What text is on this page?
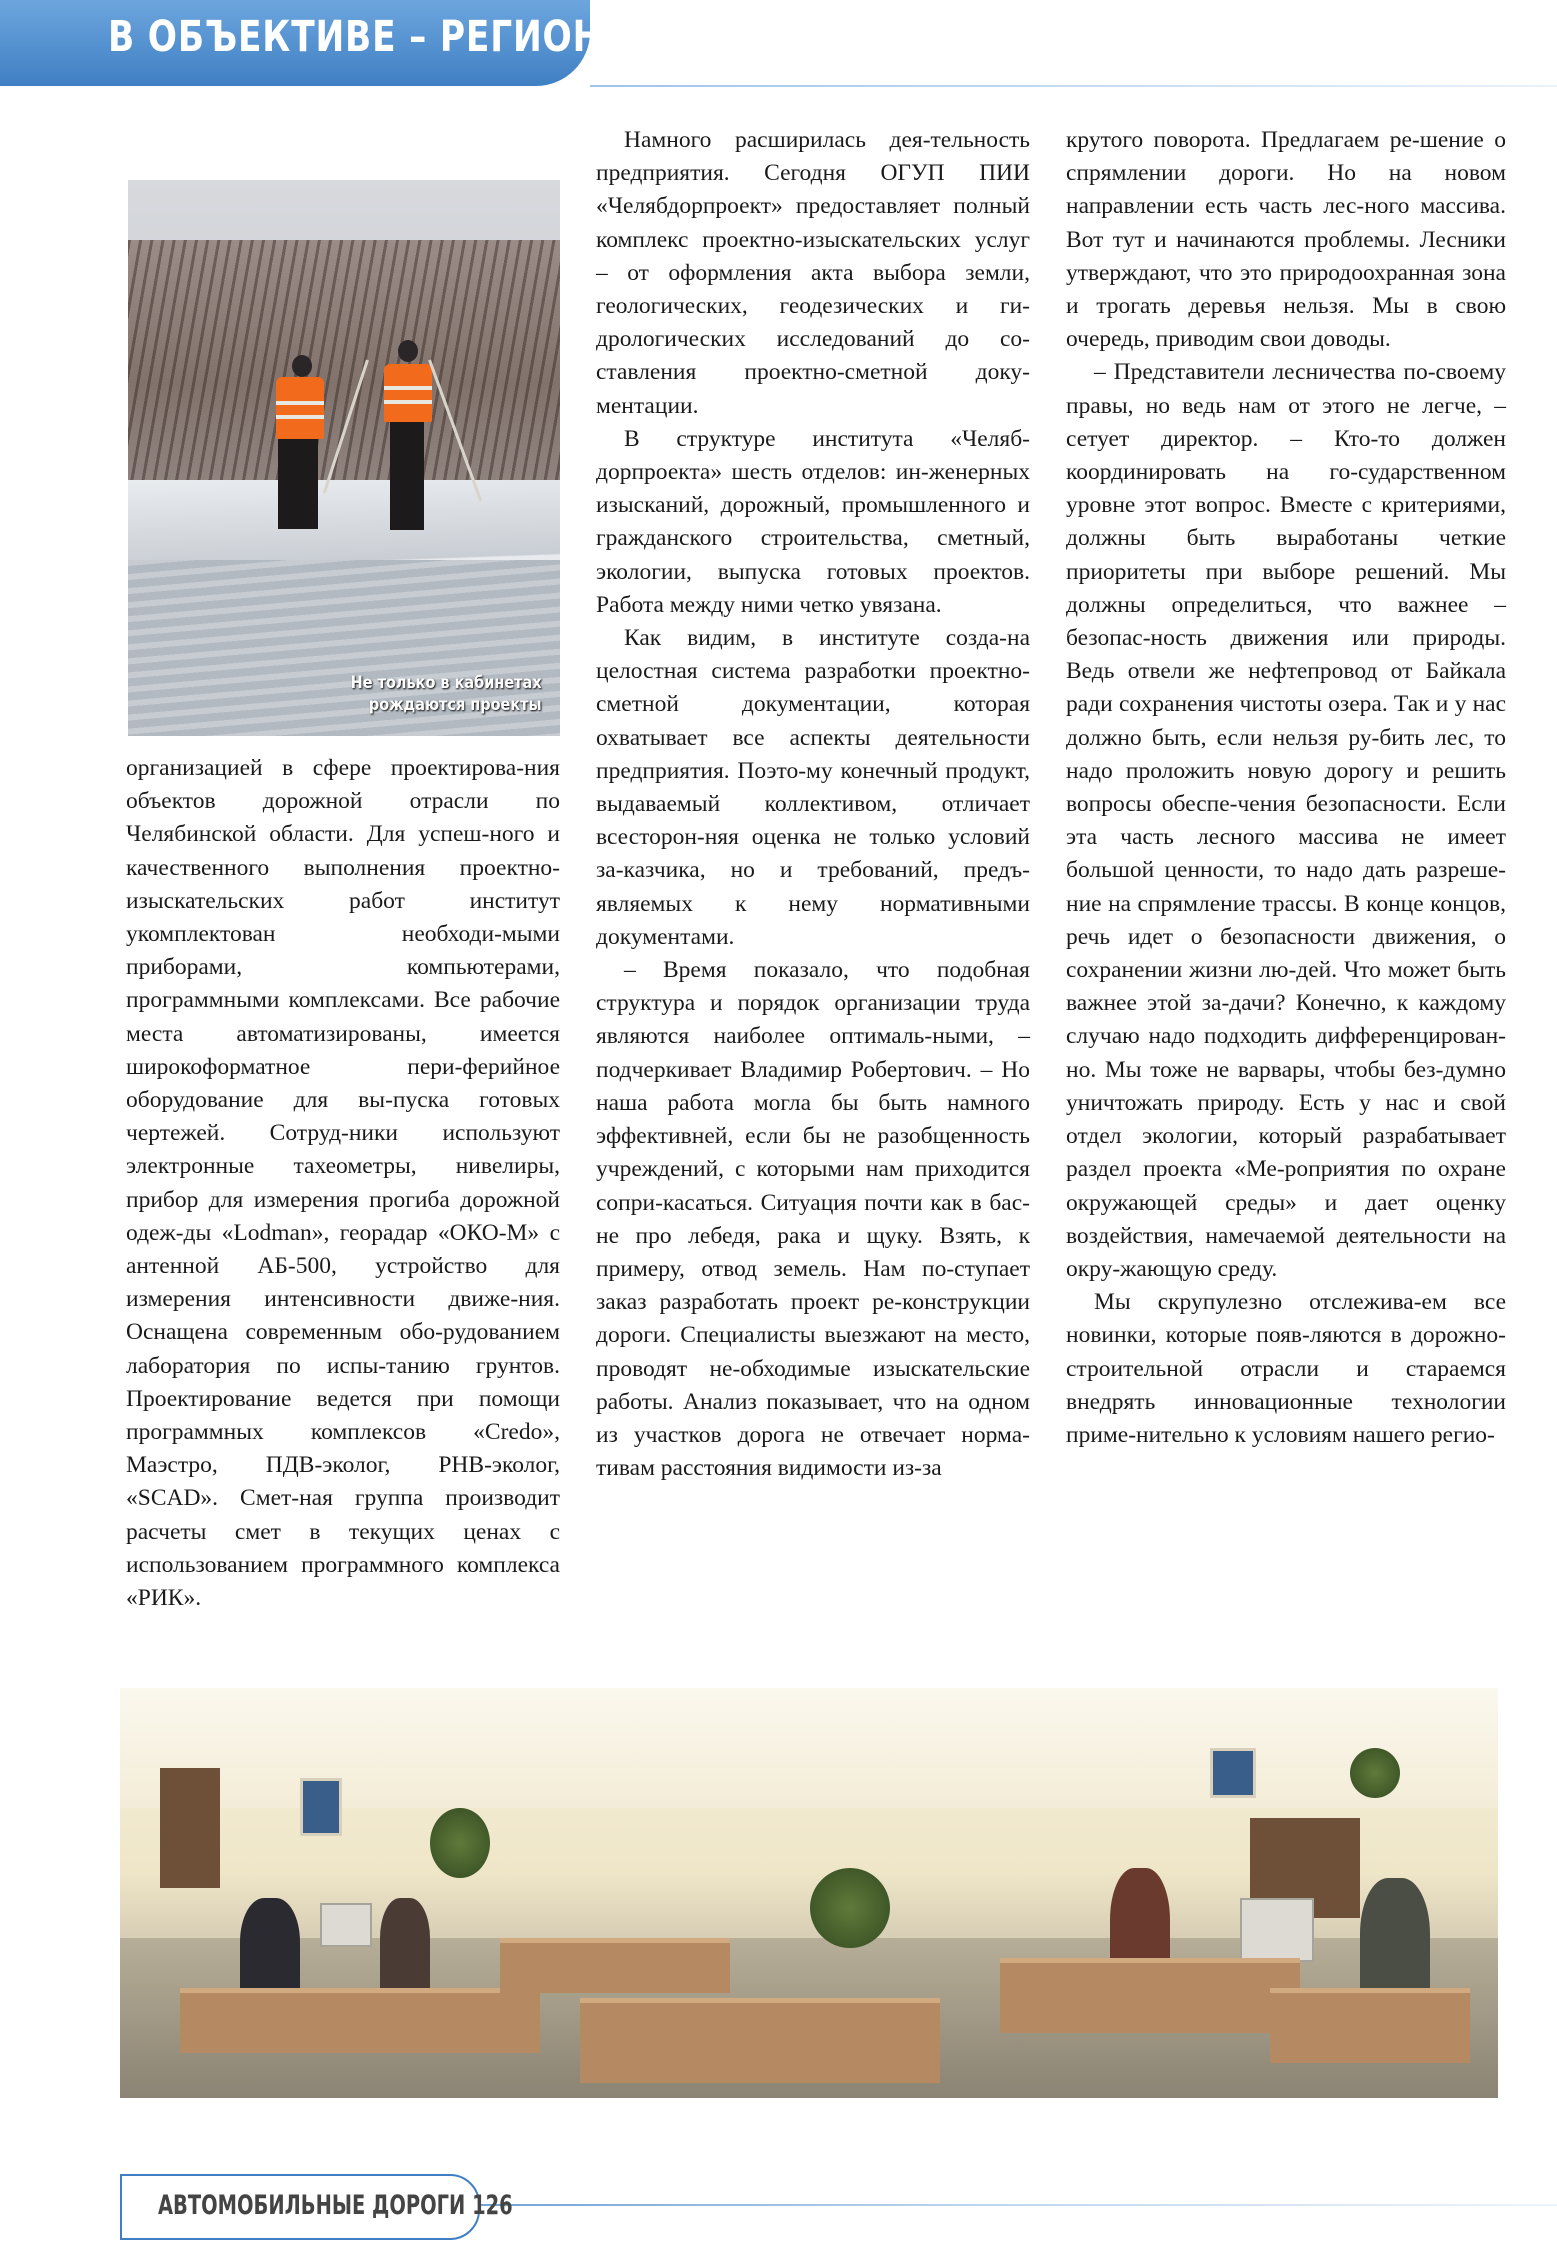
В ОБЪЕКТИВЕ – РЕГИОН
Не только в кабинетах
рождаются проекты

организацией в сфере проектирова-ния объектов дорожной отрасли по Челябинской области. Для успеш-ного и качественного выполнения проектно-изыскательских работ институт укомплектован необходи-мыми приборами, компьютерами, программными комплексами. Все рабочие места автоматизированы, имеется широкоформатное пери-ферийное оборудование для вы-пуска готовых чертежей. Сотруд-ники используют электронные тахеометры, нивелиры, прибор для измерения прогиба дорожной одеж-ды «Lodman», георадар «ОКО-М» с антенной АБ-500, устройство для измерения интенсивности движе-ния. Оснащена современным обо-рудованием лаборатория по испы-танию грунтов. Проектирование ведется при помощи программных комплексов «Credo», Маэстро, ПДВ-эколог, РНВ-эколог, «SCAD». Смет-ная группа производит расчеты смет в текущих ценах с использованием программного комплекса «РИК».

Намного расширилась дея-тельность предприятия. Сегодня ОГУП ПИИ «Челябдорпроект» предоставляет полный комплекс проектно-изыскательских услуг – от оформления акта выбора земли, геологических, геодезических и ги-дрологических исследований до со-ставления проектно-сметной доку-ментации.

В структуре института «Челяб-дорпроекта» шесть отделов: ин-женерных изысканий, дорожный, промышленного и гражданского строительства, сметный, экологии, выпуска готовых проектов. Работа между ними четко увязана.

Как видим, в институте созда-на целостная система разработки проектно-сметной документации, которая охватывает все аспекты деятельности предприятия. Поэто-му конечный продукт, выдаваемый коллективом, отличает всесторон-няя оценка не только условий за-казчика, но и требований, предъ-являемых к нему нормативными документами.

– Время показало, что подобная структура и порядок организации труда являются наиболее оптималь-ными, – подчеркивает Владимир Робертович. – Но наша работа могла бы быть намного эффективней, если бы не разобщенность учреждений, с которыми нам приходится сопри-касаться. Ситуация почти как в бас-не про лебедя, рака и щуку. Взять, к примеру, отвод земель. Нам по-ступает заказ разработать проект ре-конструкции дороги. Специалисты выезжают на место, проводят не-обходимые изыскательские работы. Анализ показывает, что на одном из участков дорога не отвечает норма-тивам расстояния видимости из-за

крутого поворота. Предлагаем ре-шение о спрямлении дороги. Но на новом направлении есть часть лес-ного массива. Вот тут и начинаются проблемы. Лесники утверждают, что это природоохранная зона и трогать деревья нельзя. Мы в свою очередь, приводим свои доводы.

– Представители лесничества по-своему правы, но ведь нам от этого не легче, – сетует директор. – Кто-то должен координировать на го-сударственном уровне этот вопрос. Вместе с критериями, должны быть выработаны четкие приоритеты при выборе решений. Мы должны определиться, что важнее – безопас-ность движения или природы. Ведь отвели же нефтепровод от Байкала ради сохранения чистоты озера. Так и у нас должно быть, если нельзя ру-бить лес, то надо проложить новую дорогу и решить вопросы обеспе-чения безопасности. Если эта часть лесного массива не имеет большой ценности, то надо дать разреше-ние на спрямление трассы. В конце концов, речь идет о безопасности движения, о сохранении жизни лю-дей. Что может быть важнее этой за-дачи? Конечно, к каждому случаю надо подходить дифференцирован-но. Мы тоже не варвары, чтобы без-думно уничтожать природу. Есть у нас и свой отдел экологии, который разрабатывает раздел проекта «Ме-роприятия по охране окружающей среды» и дает оценку воздействия, намечаемой деятельности на окру-жающую среду.

Мы скрупулезно отслежива-ем все новинки, которые появ-ляются в дорожно-строительной отрасли и стараемся внедрять инновационные технологии приме-нительно к условиям нашего регио-

АВТОМОБИЛЬНЫЕ ДОРОГИ 126
